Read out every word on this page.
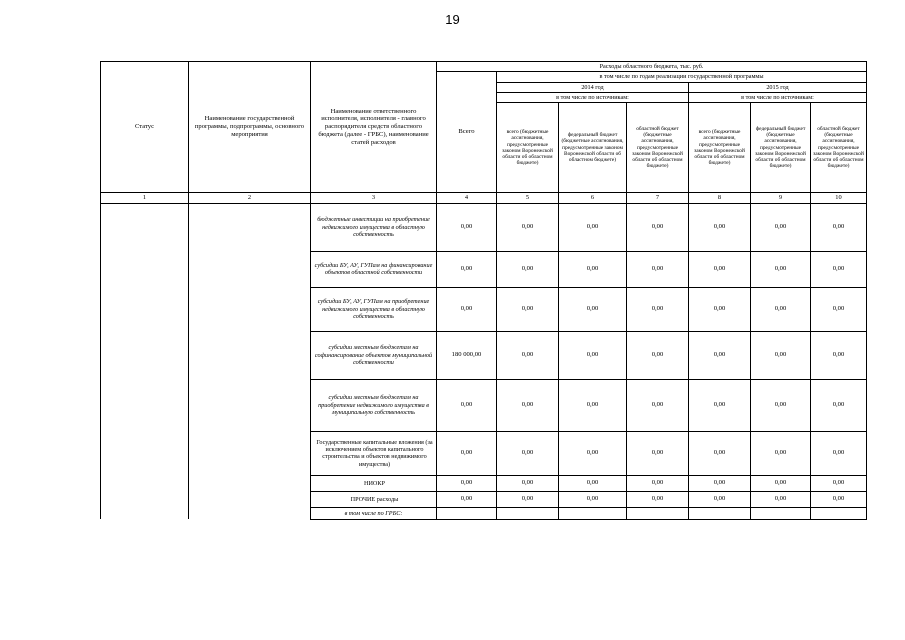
19
Статус	Наименование государственной программы, подпрограммы, основного мероприятия	Наименование ответственного исполнителя, исполнителя - главного распорядителя средств областного бюджета (далее - ГРБС), наименование статей расходов	Расходы областного бюджета, тыс. руб.						
			Всего	в том числе по годам реализации государственной программы					
				2014 год			2015 год		
				в том числе по источникам:			в том числе по источникам:		
				всего (бюджетные ассигнования, предусмотренные законом Воронежской области об областном бюджете)	федеральный бюджет (бюджетные ассигнования, предусмотренные законом Воронежской области об областном бюджете)	областной бюджет (бюджетные ассигнования, предусмотренные законом Воронежской области об областном бюджете)	всего (бюджетные ассигнования, предусмотренные законом Воронежской области об областном бюджете)	федеральный бюджет (бюджетные ассигнования, предусмотренные законом Воронежской области об областном бюджете)	областной бюджет (бюджетные ассигнования, предусмотренные законом Воронежской области об областном бюджете)
1	2	3	4	5	6	7	8	9	10
		бюджетные инвестиции на приобретение недвижимого имущества в областную собственность	0,00	0,00	0,00	0,00	0,00	0,00	0,00
		субсидии БУ, АУ, ГУПам на финансирование объектов областной собственности	0,00	0,00	0,00	0,00	0,00	0,00	0,00
		субсидии БУ, АУ, ГУПам на приобретение недвижимого имущества в областную собственность	0,00	0,00	0,00	0,00	0,00	0,00	0,00
		субсидии местным бюджетам на софинансирование объектов муниципальной собственности	180 000,00	0,00	0,00	0,00	0,00	0,00	0,00
		субсидии местным бюджетам на приобретение недвижимого имущества в муниципальную собственность	0,00	0,00	0,00	0,00	0,00	0,00	0,00
		Государственные капитальные вложения (за исключением объектов капитального строительства и объектов недвижимого имущества)	0,00	0,00	0,00	0,00	0,00	0,00	0,00
		НИОКР	0,00	0,00	0,00	0,00	0,00	0,00	0,00
		ПРОЧИЕ расходы	0,00	0,00	0,00	0,00	0,00	0,00	0,00
		в том числе по ГРБС:							
